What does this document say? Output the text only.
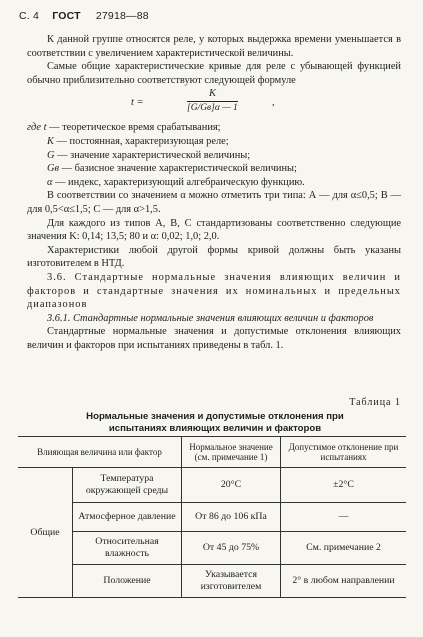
С. 4 ГОСТ 27918—88

К данной группе относятся реле, у которых выдержка времени уменьшается в соответствии с увеличением характеристической величины.

Самые общие характеристические кривые для реле с убывающей функцией обычно приблизительно соответствуют следующей формуле

t =
K
[G/Gв]α — 1	,
где t — теоретическое время срабатывания;
K — постоянная, характеризующая реле;
G — значение характеристической величины;
Gв — базисное значение характеристической величины;
α — индекс, характеризующий алгебраическую функцию.

В соответствии со значением α можно отметить три типа: А — для α≤0,5; В — для 0,5<α≤1,5; С — для α>1,5.

Для каждого из типов А, В, С стандартизованы соответственно следующие значения K: 0,14; 13,5; 80 и α: 0,02; 1,0; 2,0.

Характеристики любой другой формы кривой должны быть указаны изготовителем в НТД.

3.6. Стандартные нормальные значения влияющих величин и факторов и стандартные значения их номинальных и предельных диапазонов

3.6.1. Стандартные нормальные значения влияющих величин и факторов

Стандартные нормальные значения и допустимые отклонения влияющих величин и факторов при испытаниях приведены в табл. 1.

Таблица 1
Нормальные значения и допустимые отклонения при испытаниях влияющих величин и факторов
Влияющая величина или фактор		Нормальное значение (см. примечание 1)	Допустимое отклонение при испытаниях
Общие	Температура окружающей среды	20°С	±2°С
	Атмосферное давление	От 86 до 106 кПа	—
	Относительная влажность	От 45 до 75%	См. примечание 2
	Положение	Указывается изготовителем	2° в любом направлении
